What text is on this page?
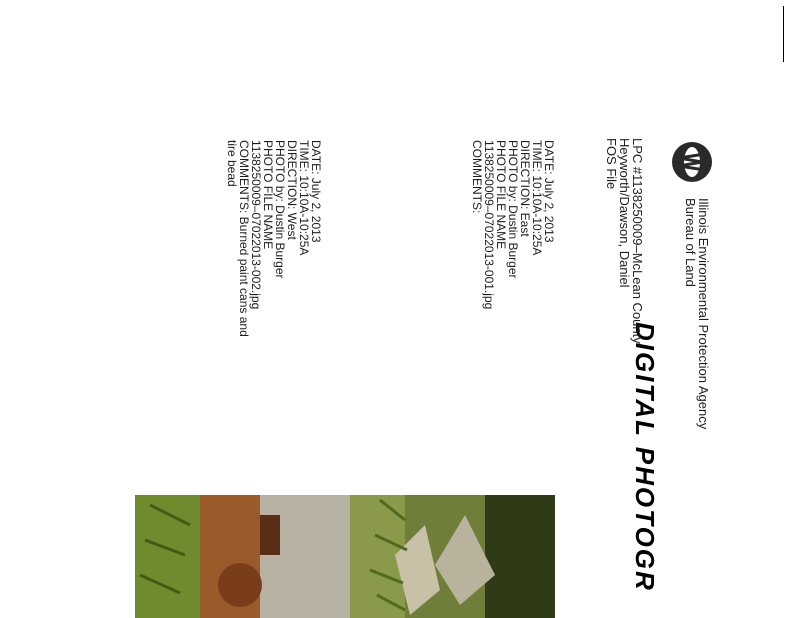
Illinois Environmental Protection Agency
Bureau of Land
DIGITAL PHOTOGR
LPC #1138250009–McLean County
Heyworth/Dawson, Daniel
FOS File
DATE: July 2, 2013
TIME: 10:10A-10:25A
DIRECTION: East
PHOTO by: Dustin Burger
PHOTO FILE NAME
1138250009–07022013-001.jpg
COMMENTS:
DATE: July 2, 2013
TIME: 10:10A-10:25A
DIRECTION: West
PHOTO by: Dustin Burger
PHOTO FILE NAME
1138250009–07022013-002.jpg
COMMENTS: Burned paint cans and
tire bead
